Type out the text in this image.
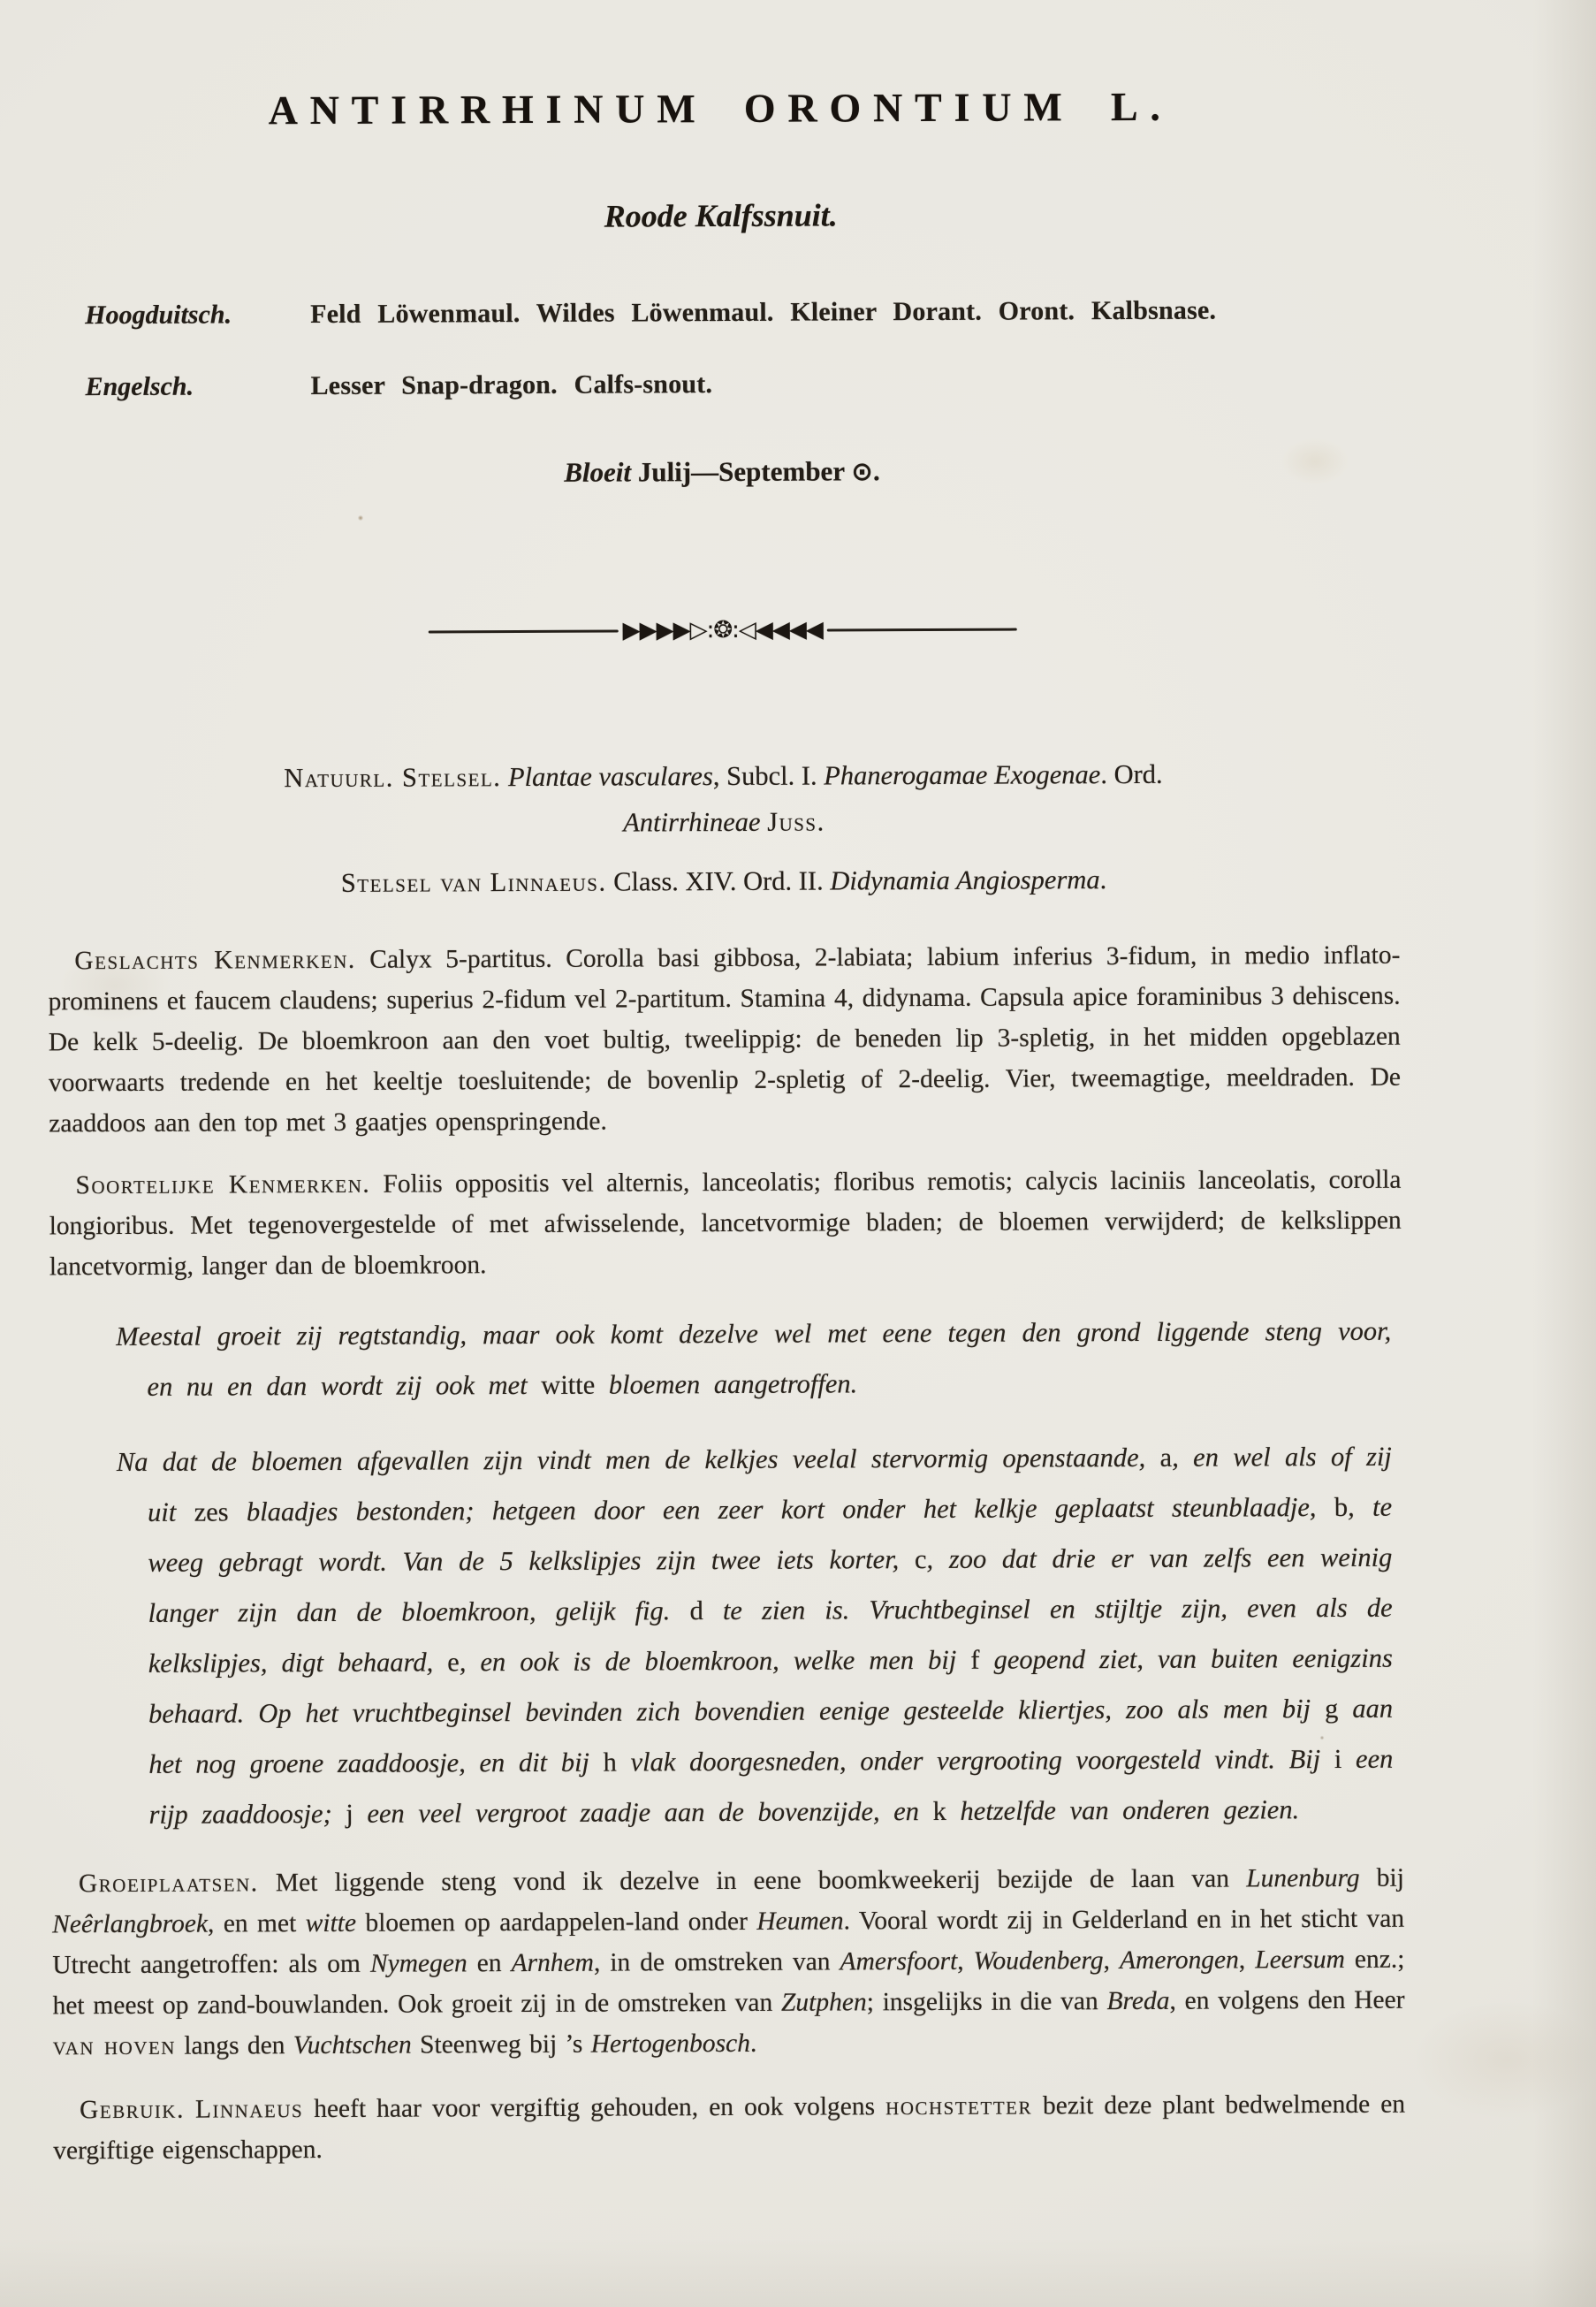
ANTIRRHINUM ORONTIUM L.
Roode Kalfssnuit.
Hoogduitsch.	Feld Löwenmaul. Wildes Löwenmaul. Kleiner Dorant. Oront. Kalbsnase.
Engelsch.	Lesser Snap-dragon. Calfs-snout.

Bloeit Julij—September ⊙.

▶▶▶▶▷:❂:◁◀◀◀◀

Natuurl. Stelsel. Plantae vasculares, Subcl. I. Phanerogamae Exogenae. Ord.
Antirrhineae Juss.

Stelsel van Linnaeus. Class. XIV. Ord. II. Didynamia Angiosperma.

Geslachts Kenmerken. Calyx 5-partitus. Corolla basi gibbosa, 2-labiata; labium inferius 3-fidum, in medio inflato-prominens et faucem claudens; superius 2-fidum vel 2-partitum. Stamina 4, didynama. Capsula apice foraminibus 3 dehiscens. De kelk 5-deelig. De bloemkroon aan den voet bultig, tweelippig: de beneden lip 3-spletig, in het midden opgeblazen voorwaarts tredende en het keeltje toesluitende; de bovenlip 2-spletig of 2-deelig. Vier, tweemagtige, meeldraden. De zaaddoos aan den top met 3 gaatjes openspringende.

Soortelijke Kenmerken. Foliis oppositis vel alternis, lanceolatis; floribus remotis; calycis laciniis lanceolatis, corolla longioribus. Met tegenovergestelde of met afwisselende, lancetvormige bladen; de bloemen verwijderd; de kelkslippen lancetvormig, langer dan de bloemkroon.

Meestal groeit zij regtstandig, maar ook komt dezelve wel met eene tegen den grond liggende steng voor, en nu en dan wordt zij ook met witte bloemen aangetroffen.

Na dat de bloemen afgevallen zijn vindt men de kelkjes veelal stervormig openstaande, a, en wel als of zij uit zes blaadjes bestonden; hetgeen door een zeer kort onder het kelkje geplaatst steunblaadje, b, te weeg gebragt wordt. Van de 5 kelkslipjes zijn twee iets korter, c, zoo dat drie er van zelfs een weinig langer zijn dan de bloemkroon, gelijk fig. d te zien is. Vruchtbeginsel en stijltje zijn, even als de kelkslipjes, digt behaard, e, en ook is de bloemkroon, welke men bij f geopend ziet, van buiten eenigzins behaard. Op het vruchtbeginsel bevinden zich bovendien eenige gesteelde kliertjes, zoo als men bij g aan het nog groene zaaddoosje, en dit bij h vlak doorgesneden, onder vergrooting voorgesteld vindt. Bij i een rijp zaaddoosje; j een veel vergroot zaadje aan de bovenzijde, en k hetzelfde van onderen gezien.

Groeiplaatsen. Met liggende steng vond ik dezelve in eene boomkweekerij bezijde de laan van Lunenburg bij Neêrlangbroek, en met witte bloemen op aardappelen-land onder Heumen. Vooral wordt zij in Gelderland en in het sticht van Utrecht aangetroffen: als om Nymegen en Arnhem, in de omstreken van Amersfoort, Woudenberg, Amerongen, Leersum enz.; het meest op zand-bouwlanden. Ook groeit zij in de omstreken van Zutphen; insgelijks in die van Breda, en volgens den Heer van hoven langs den Vuchtschen Steenweg bij ’s Hertogenbosch.

Gebruik. Linnaeus heeft haar voor vergiftig gehouden, en ook volgens hochstetter bezit deze plant bedwelmende en vergiftige eigenschappen.
